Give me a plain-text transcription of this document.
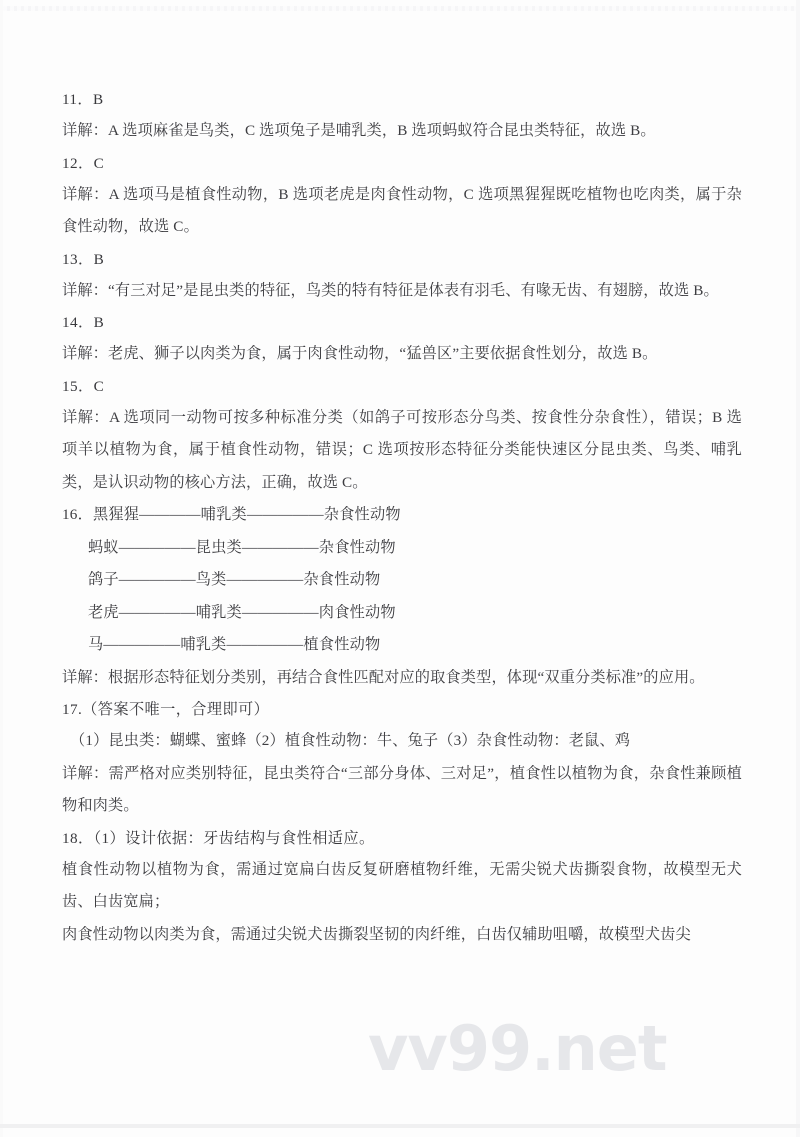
vv99.net
11．B
详解：A 选项麻雀是鸟类，C 选项兔子是哺乳类，B 选项蚂蚁符合昆虫类特征，故选 B。
12．C
详解：A 选项马是植食性动物，B 选项老虎是肉食性动物，C 选项黑猩猩既吃植物也吃肉类，属于杂食性动物，故选 C。
13．B
详解：“有三对足”是昆虫类的特征，鸟类的特有特征是体表有羽毛、有喙无齿、有翅膀，故选 B。
14．B
详解：老虎、狮子以肉类为食，属于肉食性动物，“猛兽区”主要依据食性划分，故选 B。
15．C
详解：A 选项同一动物可按多种标准分类（如鸽子可按形态分鸟类、按食性分杂食性），错误；B 选项羊以植物为食，属于植食性动物，错误；C 选项按形态特征分类能快速区分昆虫类、鸟类、哺乳类，是认识动物的核心方法，正确，故选 C。
16．黑猩猩————哺乳类—————杂食性动物
蚂蚁—————昆虫类—————杂食性动物
鸽子—————鸟类—————杂食性动物
老虎—————哺乳类—————肉食性动物
马—————哺乳类—————植食性动物
详解：根据形态特征划分类别，再结合食性匹配对应的取食类型，体现“双重分类标准”的应用。
17.（答案不唯一，合理即可）
（1）昆虫类：蝴蝶、蜜蜂（2）植食性动物：牛、兔子（3）杂食性动物：老鼠、鸡
详解：需严格对应类别特征，昆虫类符合“三部分身体、三对足”，植食性以植物为食，杂食性兼顾植物和肉类。
18．（1）设计依据：牙齿结构与食性相适应。
植食性动物以植物为食，需通过宽扁白齿反复研磨植物纤维，无需尖锐犬齿撕裂食物，故模型无犬齿、白齿宽扁；
肉食性动物以肉类为食，需通过尖锐犬齿撕裂坚韧的肉纤维，白齿仅辅助咀嚼，故模型犬齿尖
